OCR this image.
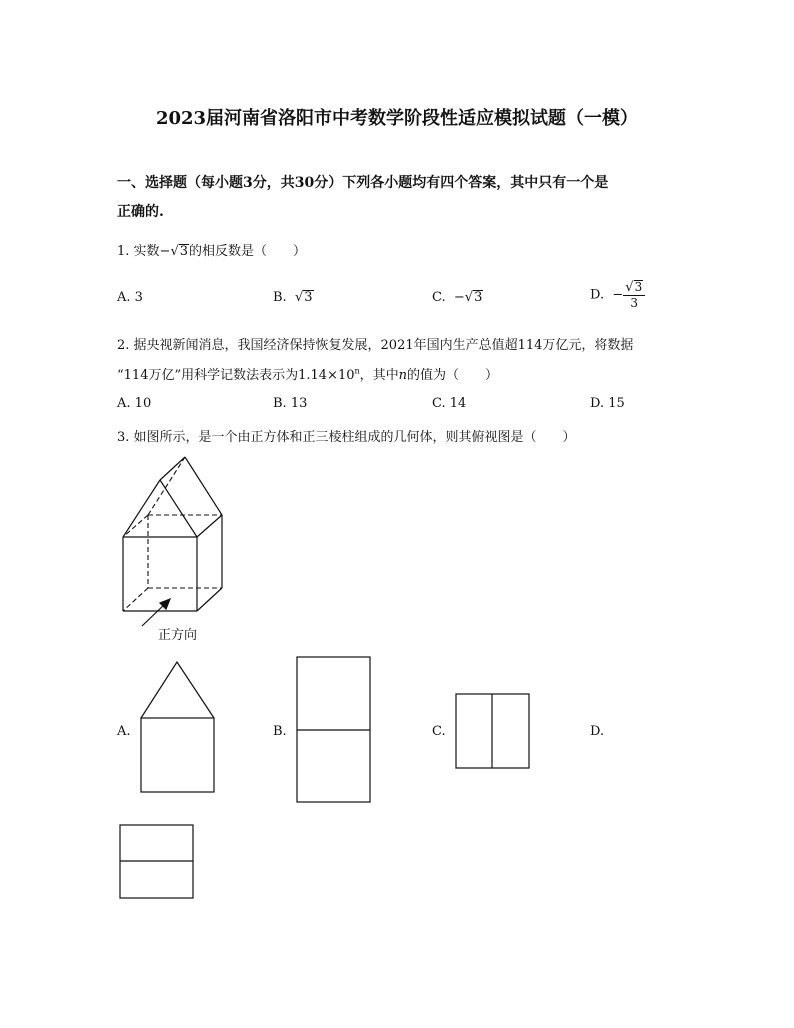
2023届河南省洛阳市中考数学阶段性适应模拟试题（一模）
一、选择题（每小题3分，共30分）下列各小题均有四个答案，其中只有一个是
正确的.
1. 实数−√3的相反数是（　　）
A. 3	B. √3	C. −√3	D. − $\frac{√3}{3}$
2. 据央视新闻消息，我国经济保持恢复发展，2021年国内生产总值超114万亿元，将数据
“114万亿”用科学记数法表示为$1.14\times 10^n$，其中n的值为（　　）
A. 10	B. 13	C. 14	D. 15
3. 如图所示，是一个由正方体和正三棱柱组成的几何体，则其俯视图是（　　）
正方向
A.	B.	C.	D.
